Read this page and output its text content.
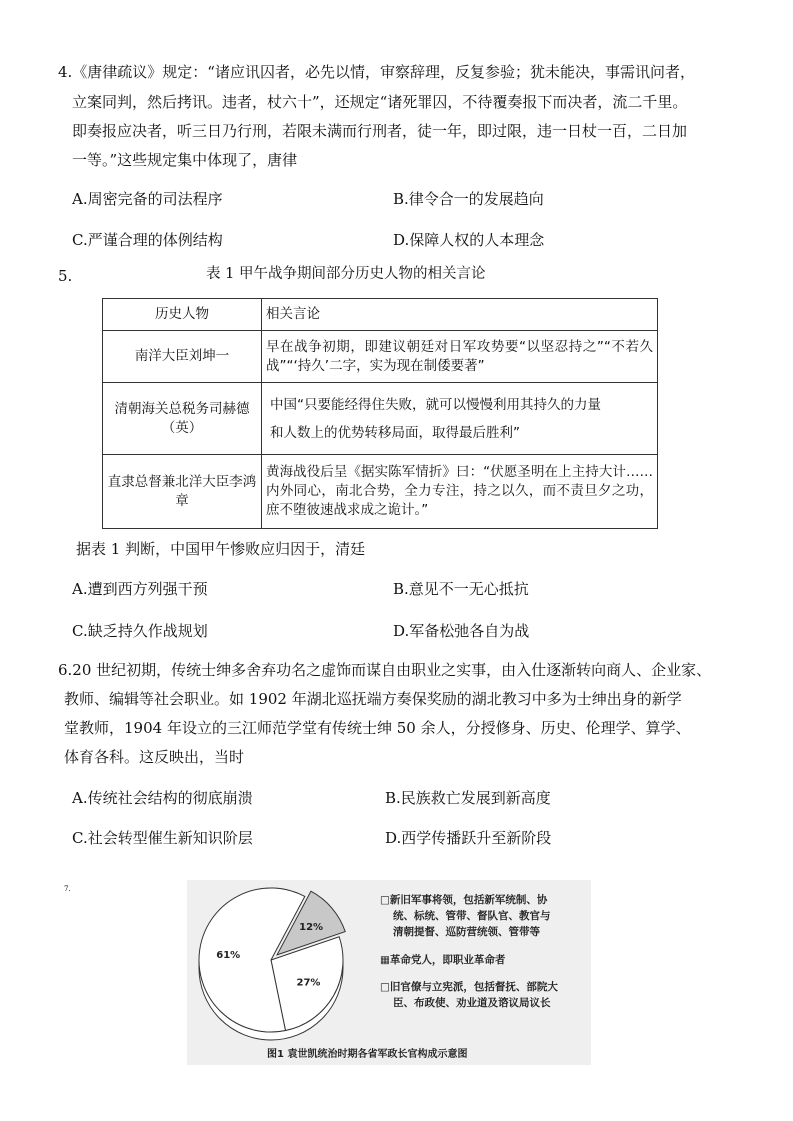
4.《唐律疏议》规定：“诸应讯囚者，必先以情，审察辞理，反复参验；犹未能决，事需讯问者，
立案同判，然后拷讯。违者，杖六十”，还规定“诸死罪囚，不待覆奏报下而决者，流二千里。
即奏报应决者，听三日乃行刑，若限未满而行刑者，徒一年，即过限，违一日杖一百，二日加
一等。”这些规定集中体现了，唐律
A.周密完备的司法程序	B.律令合一的发展趋向
C.严谨合理的体例结构	D.保障人权的人本理念
5.	表 1 甲午战争期间部分历史人物的相关言论
历史人物	相关言论
南洋大臣刘坤一	早在战争初期，即建议朝廷对日军攻势要“以坚忍持之”“不若久战”“‘持久’二字，实为现在制倭要著”
清朝海关总税务司赫德（英）	中国“只要能经得住失败，就可以慢慢利用其持久的力量
和人数上的优势转移局面，取得最后胜利”

直隶总督兼北洋大臣李鸿章	黄海战役后呈《据实陈军情折》曰：“伏愿圣明在上主持大计……内外同心，南北合势，全力专注，持之以久，而不责旦夕之功，庶不堕彼速战求成之诡计。”
据表 1 判断，中国甲午惨败应归因于，清廷
A.遭到西方列强干预	B.意见不一无心抵抗
C.缺乏持久作战规划	D.军备松弛各自为战
6.20 世纪初期，传统士绅多舍弃功名之虚饰而谋自由职业之实事，由入仕逐渐转向商人、企业家、
教师、编辑等社会职业。如 1902 年湖北巡抚端方奏保奖励的湖北教习中多为士绅出身的新学
堂教师，1904 年设立的三江师范学堂有传统士绅 50 余人，分授修身、历史、伦理学、算学、
体育各科。这反映出，当时
A.传统社会结构的彻底崩溃	B.民族救亡发展到新高度
C.社会转型催生新知识阶层	D.西学传播跃升至新阶段
7.
12%
27%
61%
□新旧军事将领，包括新军统制、协
统、标统、管带、督队官、教官与
清朝提督、巡防营统领、管带等
▦革命党人，即职业革命者
□旧官僚与立宪派，包括督抚、部院大
臣、布政使、劝业道及谘议局议长
图1 袁世凯统治时期各省军政长官构成示意图
